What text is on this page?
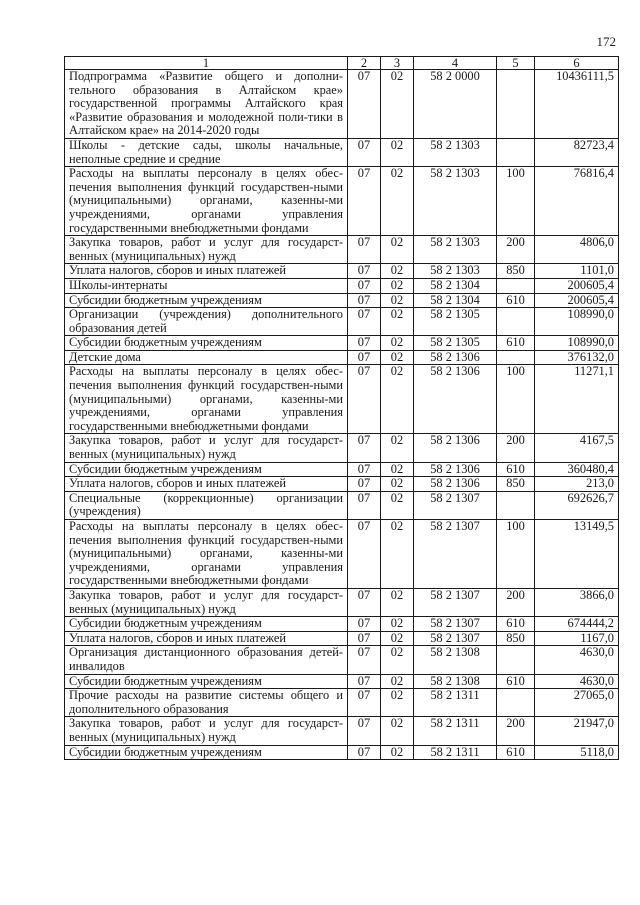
172
1	2	3	4	5	6
Подпрограмма «Развитие общего и дополни-тельного образования в Алтайском крае» государственной программы Алтайского края «Развитие образования и молодежной поли-тики в Алтайском крае» на 2014-2020 годы	07	02	58 2 0000		10436111,5
Школы - детские сады, школы начальные, неполные средние и средние	07	02	58 2 1303		82723,4
Расходы на выплаты персоналу в целях обес-печения выполнения функций государствен-ными (муниципальными) органами, казенны-ми учреждениями, органами управления государственными внебюджетными фондами	07	02	58 2 1303	100	76816,4
Закупка товаров, работ и услуг для государст-венных (муниципальных) нужд	07	02	58 2 1303	200	4806,0
Уплата налогов, сборов и иных платежей	07	02	58 2 1303	850	1101,0
Школы-интернаты	07	02	58 2 1304		200605,4
Субсидии бюджетным учреждениям	07	02	58 2 1304	610	200605,4
Организации (учреждения) дополнительного образования детей	07	02	58 2 1305		108990,0
Субсидии бюджетным учреждениям	07	02	58 2 1305	610	108990,0
Детские дома	07	02	58 2 1306		376132,0
Расходы на выплаты персоналу в целях обес-печения выполнения функций государствен-ными (муниципальными) органами, казенны-ми учреждениями, органами управления государственными внебюджетными фондами	07	02	58 2 1306	100	11271,1
Закупка товаров, работ и услуг для государст-венных (муниципальных) нужд	07	02	58 2 1306	200	4167,5
Субсидии бюджетным учреждениям	07	02	58 2 1306	610	360480,4
Уплата налогов, сборов и иных платежей	07	02	58 2 1306	850	213,0
Специальные (коррекционные) организации (учреждения)	07	02	58 2 1307		692626,7
Расходы на выплаты персоналу в целях обес-печения выполнения функций государствен-ными (муниципальными) органами, казенны-ми учреждениями, органами управления государственными внебюджетными фондами	07	02	58 2 1307	100	13149,5
Закупка товаров, работ и услуг для государст-венных (муниципальных) нужд	07	02	58 2 1307	200	3866,0
Субсидии бюджетным учреждениям	07	02	58 2 1307	610	674444,2
Уплата налогов, сборов и иных платежей	07	02	58 2 1307	850	1167,0
Организация дистанционного образования детей-инвалидов	07	02	58 2 1308		4630,0
Субсидии бюджетным учреждениям	07	02	58 2 1308	610	4630,0
Прочие расходы на развитие системы общего и дополнительного образования	07	02	58 2 1311		27065,0
Закупка товаров, работ и услуг для государст-венных (муниципальных) нужд	07	02	58 2 1311	200	21947,0
Субсидии бюджетным учреждениям	07	02	58 2 1311	610	5118,0
